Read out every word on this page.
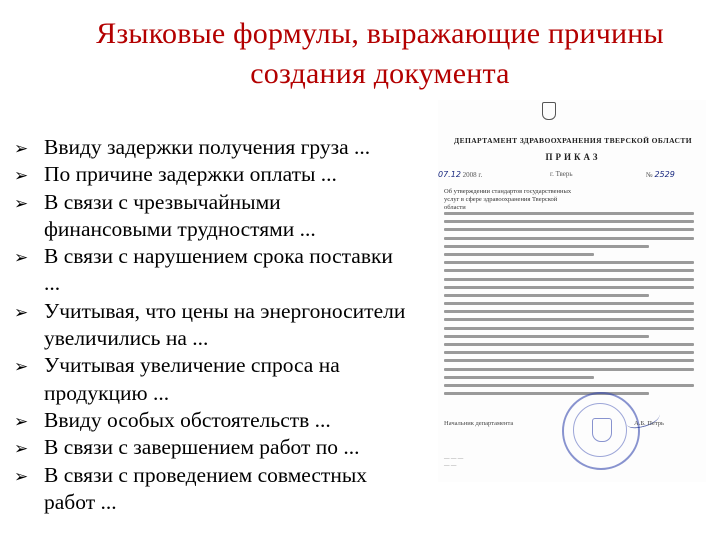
Языковые формулы, выражающие причины
создания документа
➢ Ввиду задержки получения груза ...
➢ По причине задержки оплаты ...
➢ В связи с чрезвычайными финансовыми трудностями ...
➢ В связи с нарушением срока поставки ...
➢ Учитывая, что цены на энергоносители увеличились на ...
➢ Учитывая увеличение спроса на продукцию ...
➢ Ввиду особых обстоятельств ...
➢ В связи с завершением работ по ...
➢ В связи с проведением совместных работ ...
ДЕПАРТАМЕНТ ЗДРАВООХРАНЕНИЯ ТВЕРСКОЙ ОБЛАСТИ
ПРИКАЗ
07.12 2008 г.	г. Тверь	№ 2529
Об утверждении стандартов государственных услуг в сфере здравоохранения Тверской области
Начальник департамента	А.Б. Петрь
— — —
— —
